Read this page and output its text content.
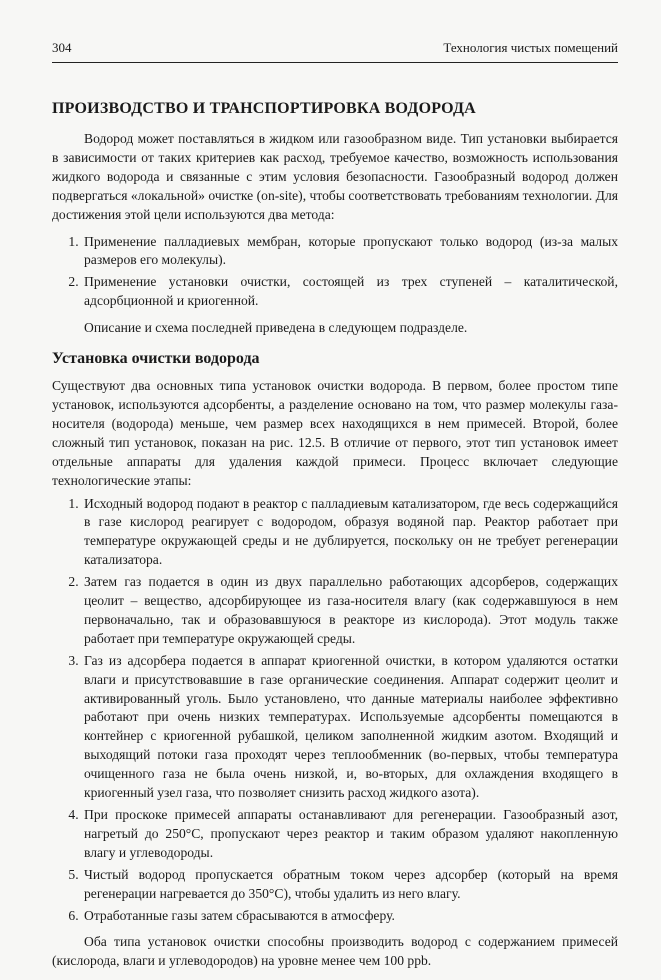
304	Технология чистых помещений
ПРОИЗВОДСТВО И ТРАНСПОРТИРОВКА ВОДОРОДА

Водород может поставляться в жидком или газообразном виде. Тип установки выбирается в зависимости от таких критериев как расход, требуемое качество, возможность использования жидкого водорода и связанные с этим условия безопасности. Газообразный водород должен подвергаться «локальной» очистке (on-site), чтобы соответствовать требованиям технологии. Для достижения этой цели используются два метода:

1. Применение палладиевых мембран, которые пропускают только водород (из-за малых размеров его молекулы).
2. Применение установки очистки, состоящей из трех ступеней – каталитической, адсорбционной и криогенной.

Описание и схема последней приведена в следующем подразделе.

Установка очистки водорода

Существуют два основных типа установок очистки водорода. В первом, более простом типе установок, используются адсорбенты, а разделение основано на том, что размер молекулы газа-носителя (водорода) меньше, чем размер всех находящихся в нем примесей. Второй, более сложный тип установок, показан на рис. 12.5. В отличие от первого, этот тип установок имеет отдельные аппараты для удаления каждой примеси. Процесс включает следующие технологические этапы:

1. Исходный водород подают в реактор с палладиевым катализатором, где весь содержащийся в газе кислород реагирует с водородом, образуя водяной пар. Реактор работает при температуре окружающей среды и не дублируется, поскольку он не требует регенерации катализатора.
2. Затем газ подается в один из двух параллельно работающих адсорберов, содержащих цеолит – вещество, адсорбирующее из газа-носителя влагу (как содержавшуюся в нем первоначально, так и образовавшуюся в реакторе из кислорода). Этот модуль также работает при температуре окружающей среды.
3. Газ из адсорбера подается в аппарат криогенной очистки, в котором удаляются остатки влаги и присутствовавшие в газе органические соединения. Аппарат содержит цеолит и активированный уголь. Было установлено, что данные материалы наиболее эффективно работают при очень низких температурах. Используемые адсорбенты помещаются в контейнер с криогенной рубашкой, целиком заполненной жидким азотом. Входящий и выходящий потоки газа проходят через теплообменник (во-первых, чтобы температура очищенного газа не была очень низкой, и, во-вторых, для охлаждения входящего в криогенный узел газа, что позволяет снизить расход жидкого азота).
4. При проскоке примесей аппараты останавливают для регенерации. Газообразный азот, нагретый до 250°C, пропускают через реактор и таким образом удаляют накопленную влагу и углеводороды.
5. Чистый водород пропускается обратным током через адсорбер (который на время регенерации нагревается до 350°C), чтобы удалить из него влагу.
6. Отработанные газы затем сбрасываются в атмосферу.

Оба типа установок очистки способны производить водород с содержанием примесей (кислорода, влаги и углеводородов) на уровне менее чем 100 ppb.
